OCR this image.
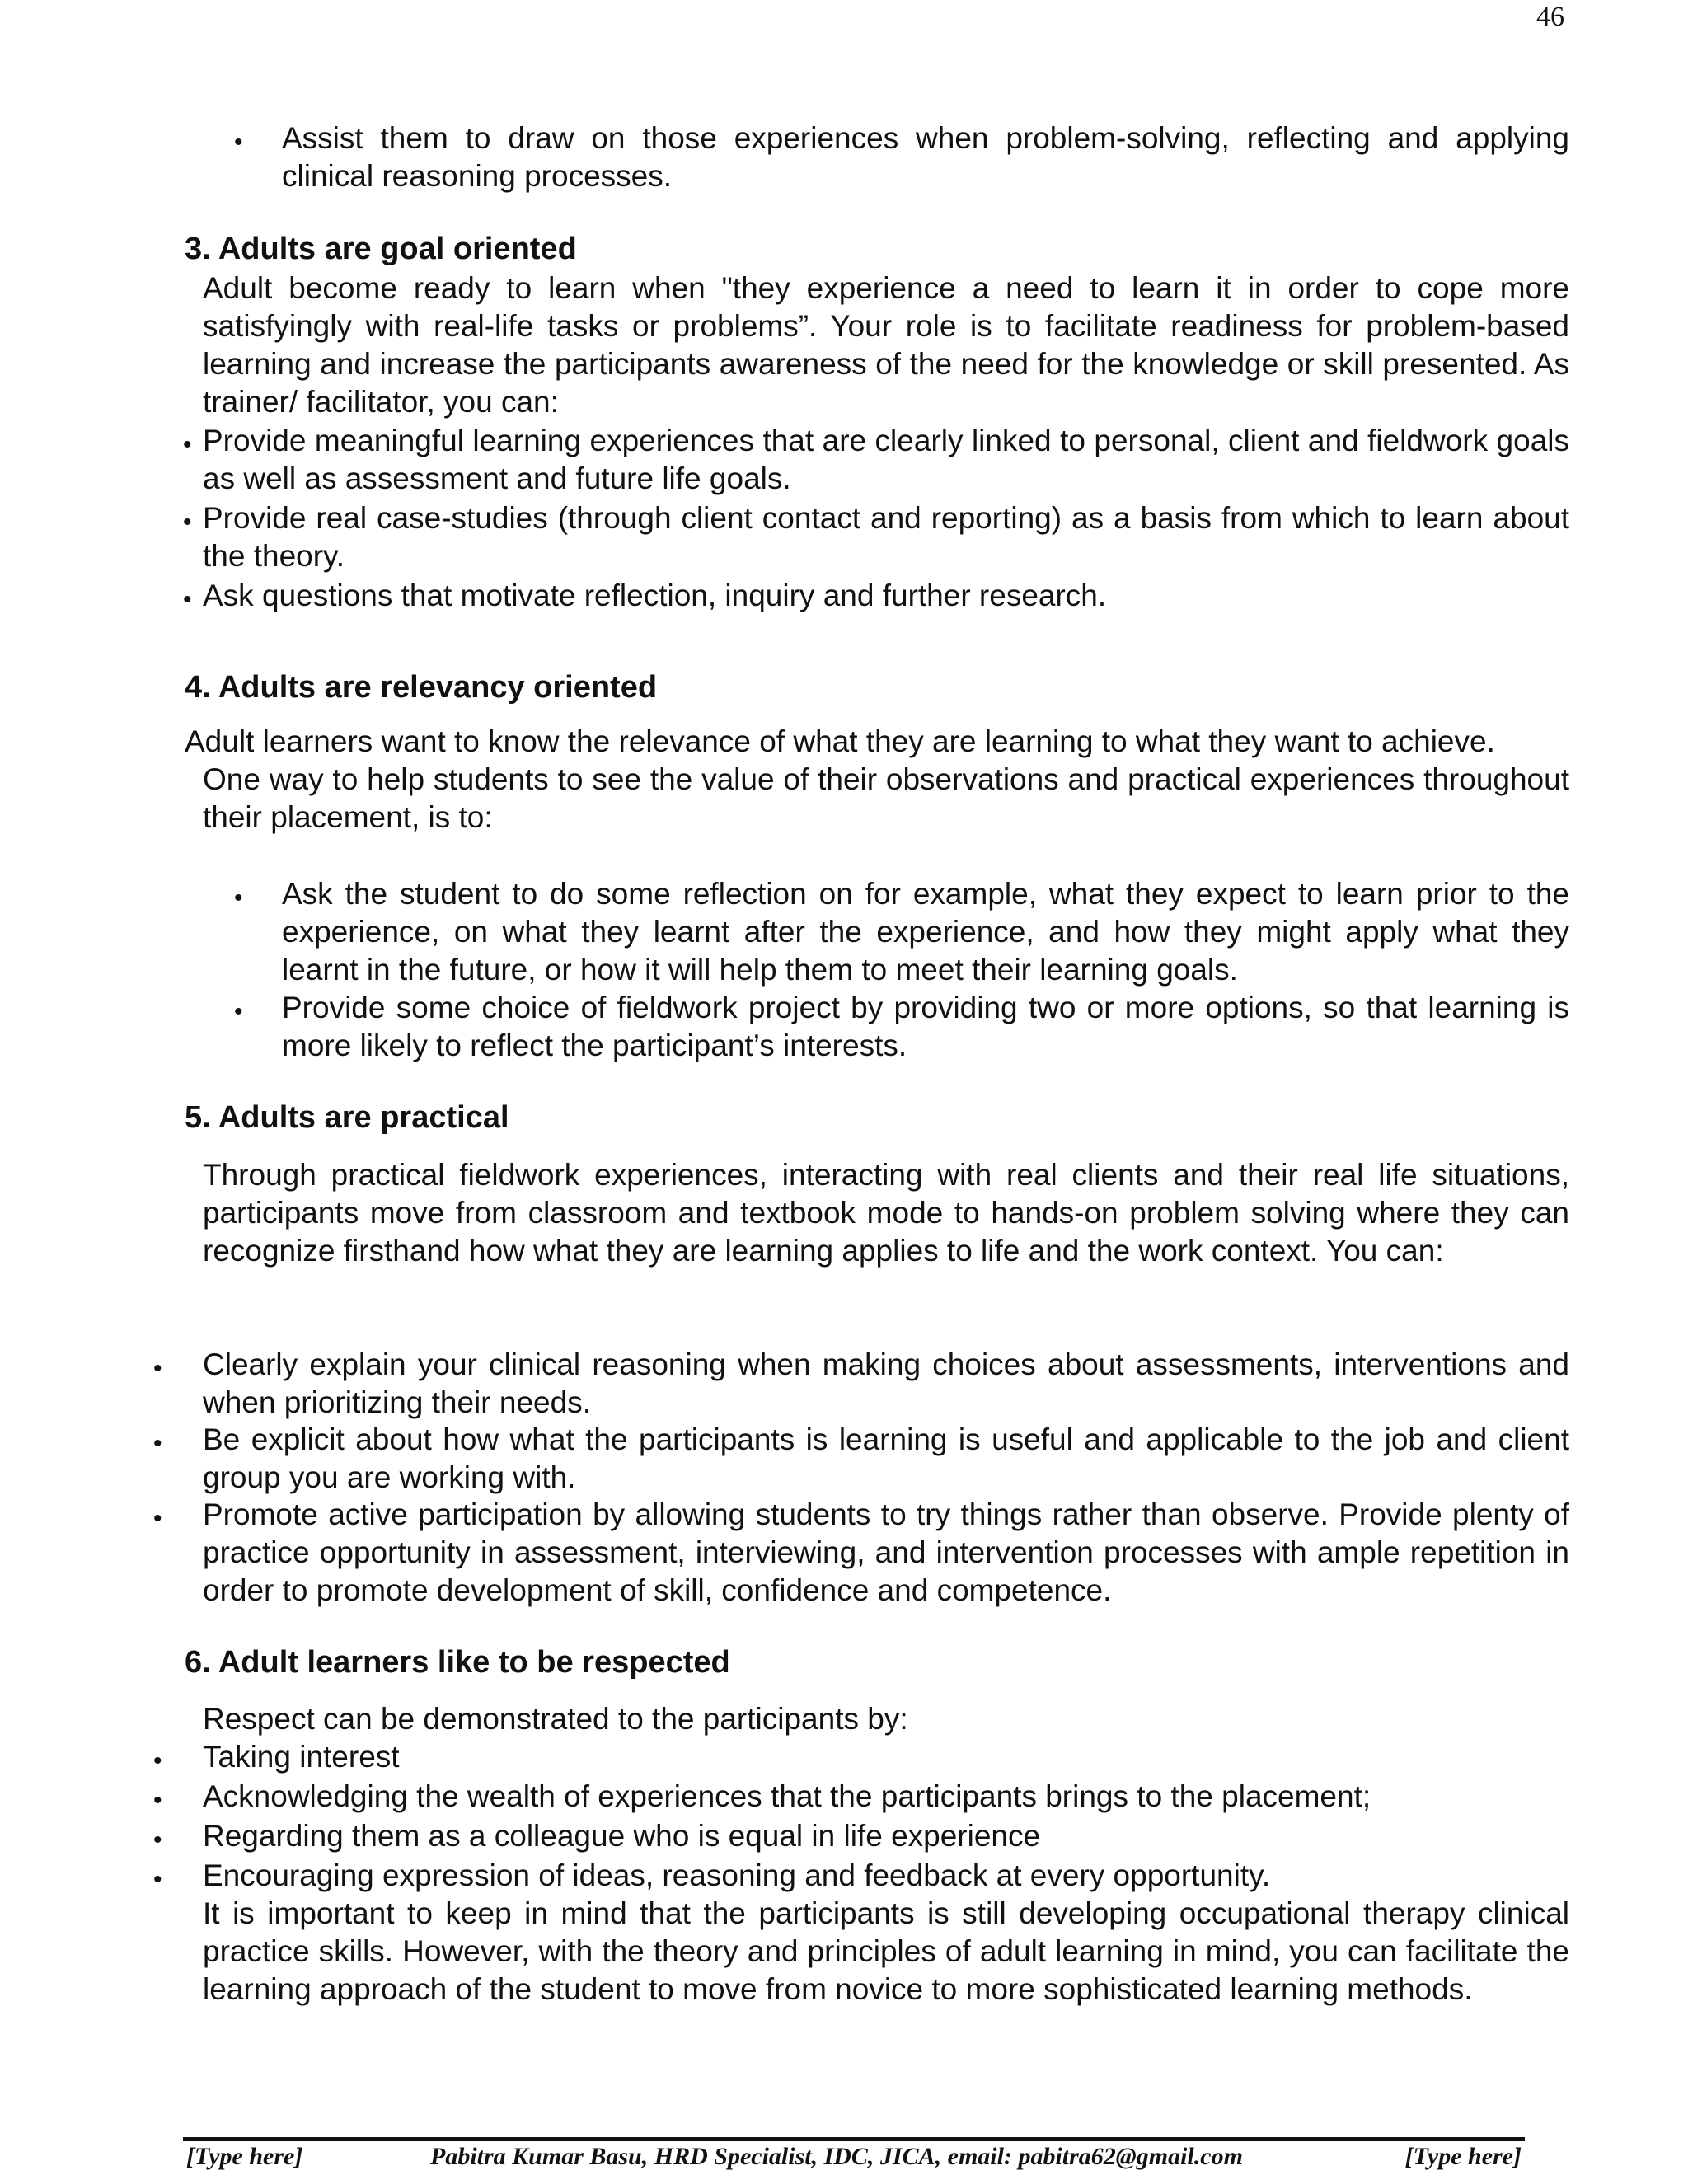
46
• Assist them to draw on those experiences when problem-solving, reflecting and applying clinical reasoning processes.

3. Adults are goal oriented

Adult become ready to learn when "they experience a need to learn it in order to cope more satisfyingly with real-life tasks or problems”. Your role is to facilitate readiness for problem-based learning and increase the participants awareness of the need for the knowledge or skill presented. As trainer/ facilitator, you can:

• Provide meaningful learning experiences that are clearly linked to personal, client and fieldwork goals as well as assessment and future life goals.

• Provide real case-studies (through client contact and reporting) as a basis from which to learn about the theory.

• Ask questions that motivate reflection, inquiry and further research.

4. Adults are relevancy oriented

Adult learners want to know the relevance of what they are learning to what they want to achieve.

One way to help students to see the value of their observations and practical experiences throughout their placement, is to:

• Ask the student to do some reflection on for example, what they expect to learn prior to the experience, on what they learnt after the experience, and how they might apply what they learnt in the future, or how it will help them to meet their learning goals.

• Provide some choice of fieldwork project by providing two or more options, so that learning is more likely to reflect the participant’s interests.

5. Adults are practical

Through practical fieldwork experiences, interacting with real clients and their real life situations, participants move from classroom and textbook mode to hands-on problem solving where they can recognize firsthand how what they are learning applies to life and the work context. You can:

• Clearly explain your clinical reasoning when making choices about assessments, interventions and when prioritizing their needs.

• Be explicit about how what the participants is learning is useful and applicable to the job and client group you are working with.

• Promote active participation by allowing students to try things rather than observe. Provide plenty of practice opportunity in assessment, interviewing, and intervention processes with ample repetition in order to promote development of skill, confidence and competence.

6. Adult learners like to be respected

Respect can be demonstrated to the participants by:

• Taking interest

• Acknowledging the wealth of experiences that the participants brings to the placement;

• Regarding them as a colleague who is equal in life experience

• Encouraging expression of ideas, reasoning and feedback at every opportunity.

It is important to keep in mind that the participants is still developing occupational therapy clinical practice skills. However, with the theory and principles of adult learning in mind, you can facilitate the learning approach of the student to move from novice to more sophisticated learning methods.

[Type here]	Pabitra Kumar Basu, HRD Specialist, IDC, JICA, email: pabitra62@gmail.com	[Type here]
